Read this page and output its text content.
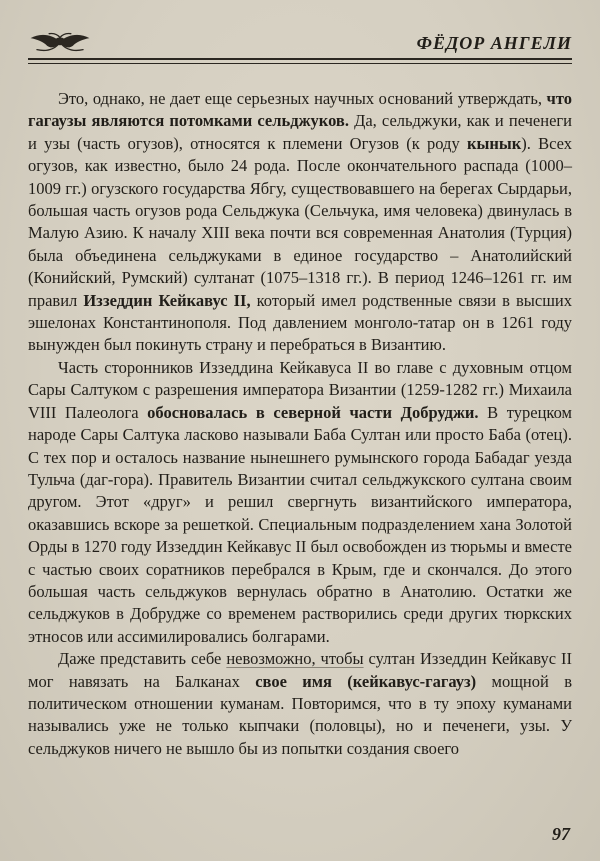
ФЁДОР АНГЕЛИ

Это, однако, не дает еще серьезных научных оснований утверждать, что гагаузы являются потомками сельджуков. Да, сельджуки, как и печенеги и узы (часть огузов), относятся к племени Огузов (к роду кынык). Всех огузов, как известно, было 24 рода. После окончательного распада (1000–1009 гг.) огузского государства Ябгу, существовавшего на берегах Сырдарьи, большая часть огузов рода Сельджука (Сельчука, имя человека) двинулась в Малую Азию. К началу XIII века почти вся современная Анатолия (Турция) была объединена сельджуками в единое государство – Анатолийский (Конийский, Румский) султанат (1075–1318 гг.). В период 1246–1261 гг. им правил Иззеддин Кейкавус II, который имел родственные связи в высших эшелонах Константинополя. Под давлением монголо-татар он в 1261 году вынужден был покинуть страну и перебраться в Византию.

Часть сторонников Иззеддина Кейкавуса II во главе с духовным отцом Сары Салтуком с разрешения императора Византии (1259-1282 гг.) Михаила VIII Палеолога обосновалась в северной части Добруджи. В турецком народе Сары Салтука ласково называли Баба Султан или просто Баба (отец). С тех пор и осталось название нынешнего румынского города Бабадаг уезда Тульча (даг-гора). Правитель Византии считал сельджукского султана своим другом. Этот «друг» и решил свергнуть византийского императора, оказавшись вскоре за решеткой. Специальным подразделением хана Золотой Орды в 1270 году Иззеддин Кейкавус II был освобожден из тюрьмы и вместе с частью своих соратников перебрался в Крым, где и скончался. До этого большая часть сельджуков вернулась обратно в Анатолию. Остатки же сельджуков в Добрудже со временем растворились среди других тюркских этносов или ассимилировались болгарами.

Даже представить себе невозможно, чтобы султан Иззеддин Кейкавус II мог навязать на Балканах свое имя (кейкавус-гагауз) мощной в политическом отношении куманам. Повторимся, что в ту эпоху куманами назывались уже не только кыпчаки (половцы), но и печенеги, узы. У сельджуков ничего не вышло бы из попытки создания своего

97
